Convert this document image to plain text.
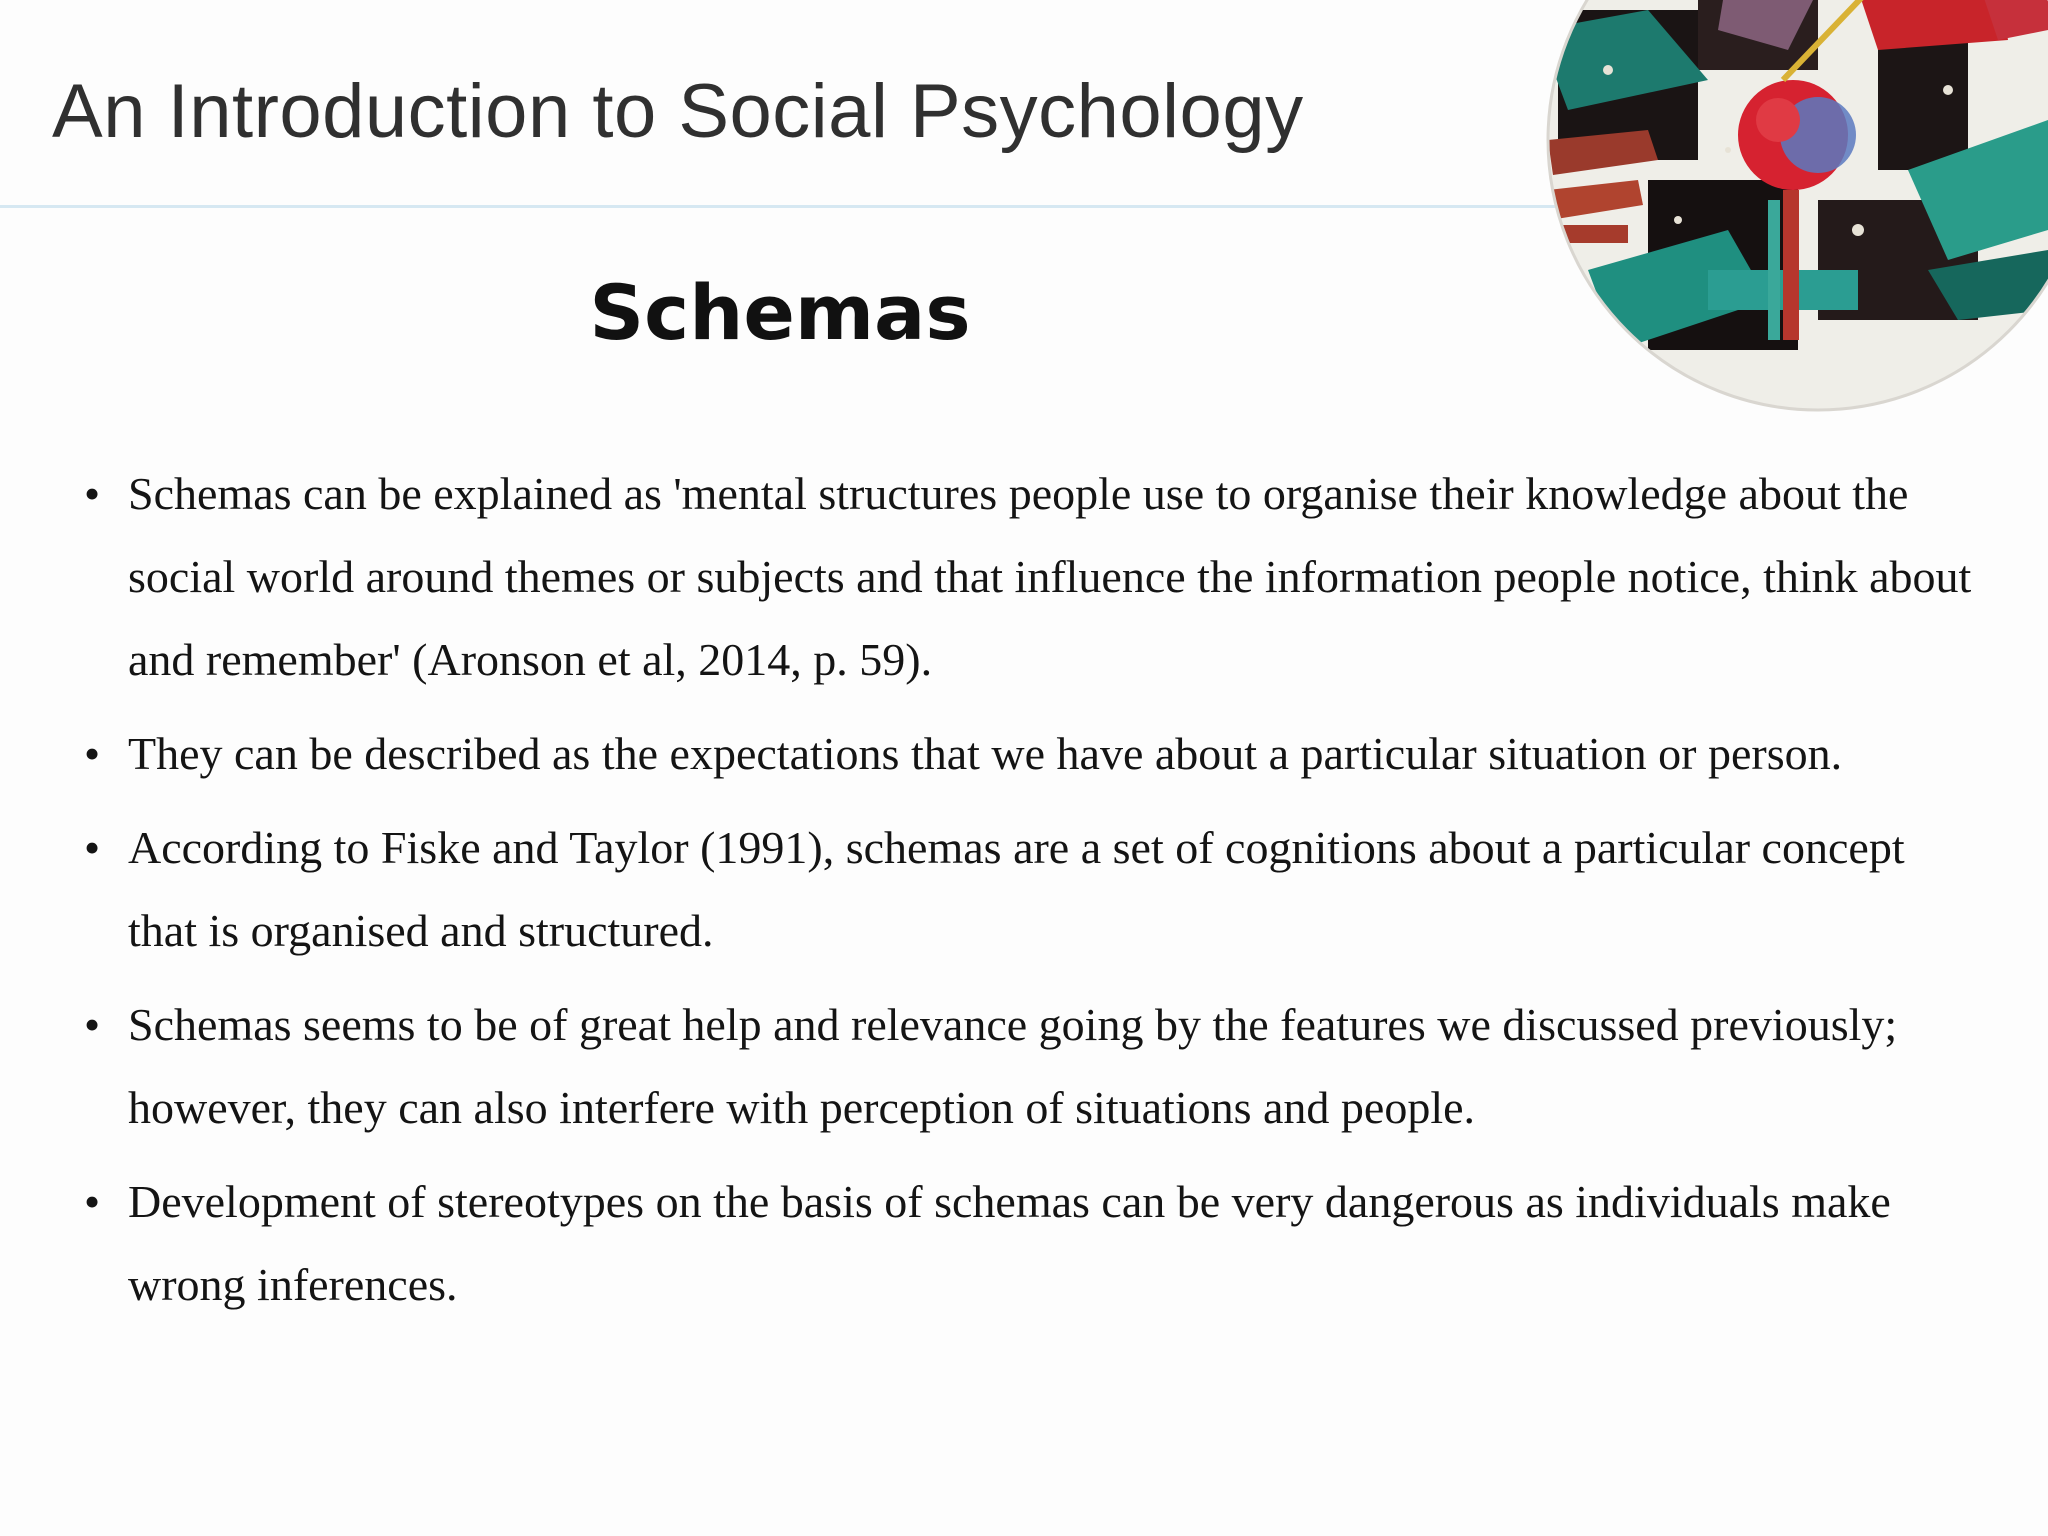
An Introduction to Social Psychology
Schemas
• Schemas can be explained as 'mental structures people use to organise their knowledge about the social world around themes or subjects and that influence the information people notice, think about and remember' (Aronson et al, 2014, p. 59).
• They can be described as the expectations that we have about a particular situation or person.
• According to Fiske and Taylor (1991), schemas are a set of cognitions about a particular concept that is organised and structured.
• Schemas seems to be of great help and relevance going by the features we discussed previously; however, they can also interfere with perception of situations and people.
• Development of stereotypes on the basis of schemas can be very dangerous as individuals make wrong inferences.
